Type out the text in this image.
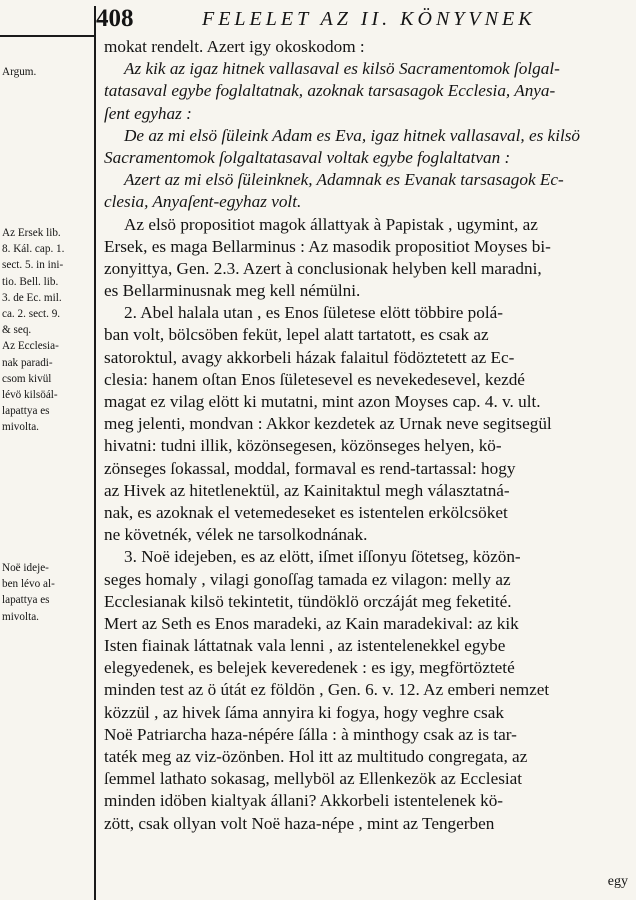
408	FELELET AZ II. KÖNYVNEK
Argum.
Az Ersek lib.
8. Kál. cap. 1.
sect. 5. in ini-
tio. Bell. lib.
3. de Ec. mil.
ca. 2. sect. 9.
& seq.
Az Ecclesia-
nak paradi-
csom kivül
lévö kilsöál-
lapattya es
mivolta.
Noë ideje-
ben lévo al-
lapattya es
mivolta.
mokat rendelt. Azert igy okoskodom :
Az kik az igaz hitnek vallasaval es kilsö Sacramentomok ſolgal-
tatasaval egybe foglaltatnak, azoknak tarsasagok Ecclesia, Anya-
ſent egyhaz :
De az mi elsö ſüleink Adam es Eva, igaz hitnek vallasaval, es kilsö
Sacramentomok ſolgaltatasaval voltak egybe foglaltatvan :
Azert az mi elsö ſüleinknek, Adamnak es Evanak tarsasagok Ec-
clesia, Anyaſent-egyhaz volt.
Az elsö propositiot magok állattyak à Papistak , ugymint, az
Ersek, es maga Bellarminus : Az masodik propositiot Moyses bi-
zonyittya, Gen. 2.3. Azert à conclusionak helyben kell maradni,
es Bellarminusnak meg kell némülni.
2. Abel halala utan , es Enos ſületese elött többire polá-
ban volt, bölcsöben feküt, lepel alatt tartatott, es csak az
satoroktul, avagy akkorbeli házak falaitul födöztetett az Ec-
clesia: hanem oſtan Enos ſületesevel es nevekedesevel, kezdé
magat ez vilag elött ki mutatni, mint azon Moyses cap. 4. v. ult.
meg jelenti, mondvan : Akkor kezdetek az Urnak neve segitsegül
hivatni: tudni illik, közönsegesen, közönseges helyen, kö-
zönseges ſokassal, moddal, formaval es rend-tartassal: hogy
az Hivek az hitetlenektül, az Kainitaktul megh választatná-
nak, es azoknak el vetemedeseket es istentelen erkölcsöket
ne követnék, vélek ne tarsolkodnának.
3. Noë idejeben, es az elött, iſmet iſſonyu ſötetseg, közön-
seges homaly , vilagi gonoſſag tamada ez vilagon: melly az
Ecclesianak kilsö tekintetit, tündöklö orczáját meg feketité.
Mert az Seth es Enos maradeki, az Kain maradekival: az kik
Isten fiainak láttatnak vala lenni , az istentelenekkel egybe
elegyedenek, es belejek keveredenek : es igy, megförtözteté
minden test az ö útát ez földön , Gen. 6. v. 12. Az emberi nemzet
közzül , az hivek ſáma annyira ki fogya, hogy veghre csak
Noë Patriarcha haza-népére ſálla : à minthogy csak az is tar-
taték meg az viz-özönben. Hol itt az multitudo congregata, az
ſemmel lathato sokasag, mellyböl az Ellenkezök az Ecclesiat
minden idöben kialtyak állani? Akkorbeli istentelenek kö-
zött, csak ollyan volt Noë haza-népe , mint az Tengerben
egy
